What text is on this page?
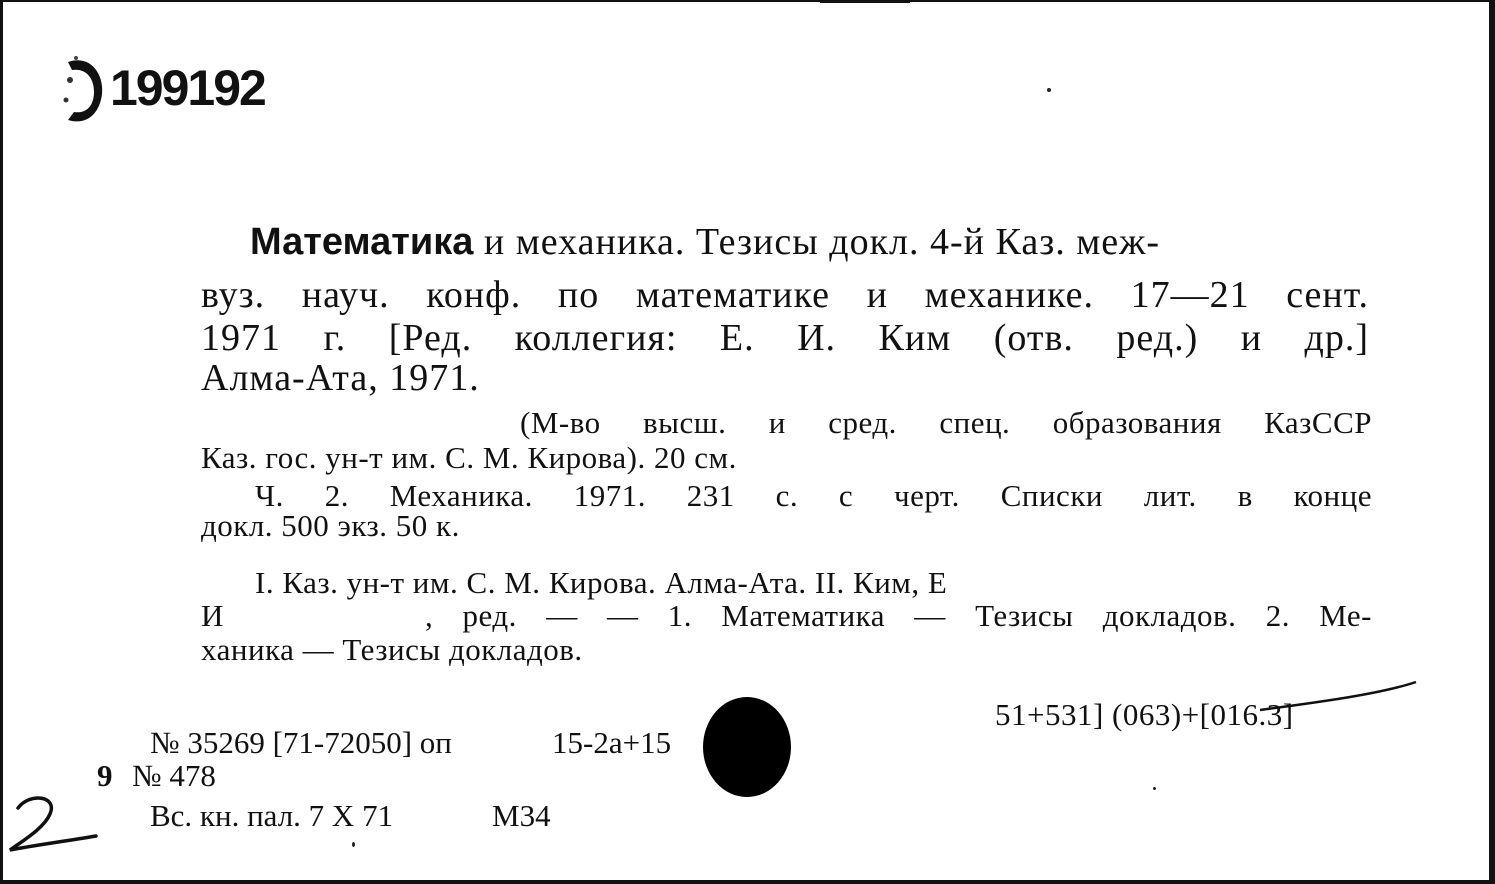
199192
Математика и механика. Тезисы докл. 4-й Каз. меж-
вуз. науч. конф. по математике и механике. 17—21 сент.
1971 г. [Ред. коллегия: Е. И. Ким (отв. ред.) и др.]
Алма-Ата, 1971.
(М-во высш. и сред. спец. образования КазССР
Каз. гос. ун-т им. С. М. Кирова). 20 см.
Ч. 2. Механика. 1971. 231 с. с черт. Списки лит. в конце
докл. 500 экз. 50 к.
I. Каз. ун-т им. С. М. Кирова. Алма-Ата. II. Ким, Е
И	, ред. — — 1. Математика — Тезисы докладов. 2. Ме-
ханика — Тезисы докладов.
51+531] (063)+[016.3]
№ 35269 [71-72050] оп	15-2а+15
9 № 478
Вс. кн. пал. 7 Х 71	М34
